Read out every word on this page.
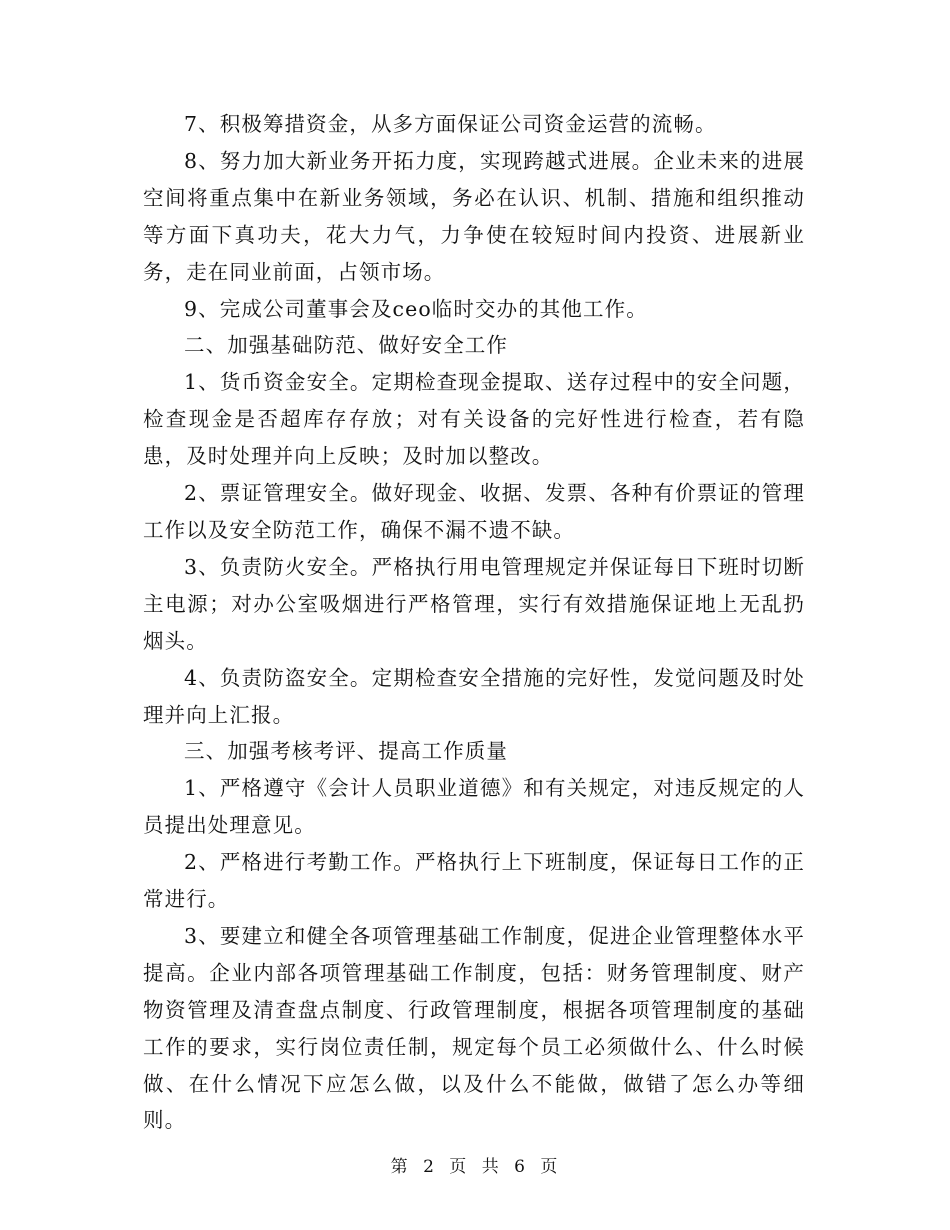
7、积极筹措资金，从多方面保证公司资金运营的流畅。

8、努力加大新业务开拓力度，实现跨越式进展。企业未来的进展空间将重点集中在新业务领域，务必在认识、机制、措施和组织推动等方面下真功夫，花大力气，力争使在较短时间内投资、进展新业务，走在同业前面，占领市场。

9、完成公司董事会及ceo临时交办的其他工作。

二、加强基础防范、做好安全工作

1、货币资金安全。定期检查现金提取、送存过程中的安全问题，检查现金是否超库存存放；对有关设备的完好性进行检查，若有隐患，及时处理并向上反映；及时加以整改。

2、票证管理安全。做好现金、收据、发票、各种有价票证的管理工作以及安全防范工作，确保不漏不遗不缺。

3、负责防火安全。严格执行用电管理规定并保证每日下班时切断主电源；对办公室吸烟进行严格管理，实行有效措施保证地上无乱扔烟头。

4、负责防盗安全。定期检查安全措施的完好性，发觉问题及时处理并向上汇报。

三、加强考核考评、提高工作质量

1、严格遵守《会计人员职业道德》和有关规定，对违反规定的人员提出处理意见。

2、严格进行考勤工作。严格执行上下班制度，保证每日工作的正常进行。

3、要建立和健全各项管理基础工作制度，促进企业管理整体水平提高。企业内部各项管理基础工作制度，包括：财务管理制度、财产物资管理及清查盘点制度、行政管理制度，根据各项管理制度的基础工作的要求，实行岗位责任制，规定每个员工必须做什么、什么时候做、在什么情况下应怎么做，以及什么不能做，做错了怎么办等细则。

第 2 页 共 6 页
